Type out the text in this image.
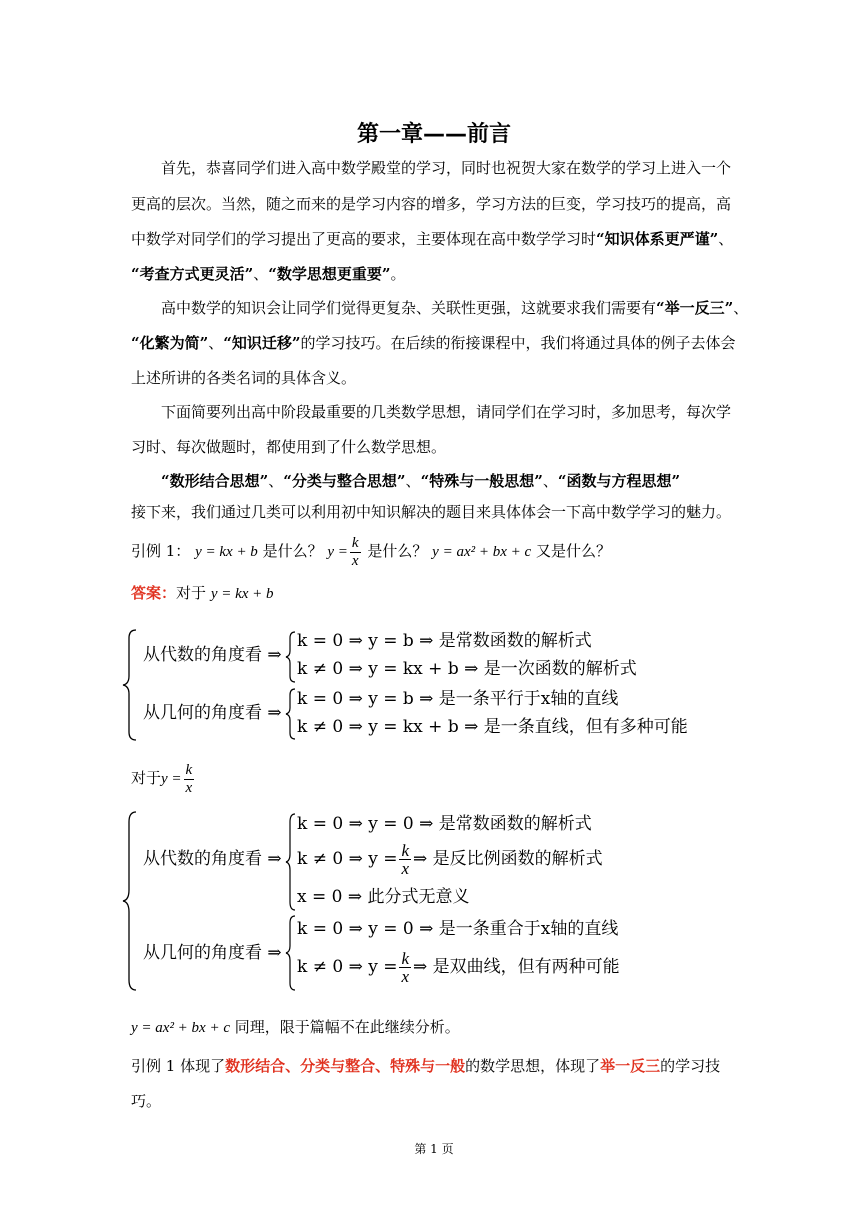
第一章——前言
首先，恭喜同学们进入高中数学殿堂的学习，同时也祝贺大家在数学的学习上进入一个
更高的层次。当然，随之而来的是学习内容的增多，学习方法的巨变，学习技巧的提高，高
中数学对同学们的学习提出了更高的要求，主要体现在高中数学学习时“知识体系更严谨”、
“考查方式更灵活”、“数学思想更重要”。
高中数学的知识会让同学们觉得更复杂、关联性更强，这就要求我们需要有“举一反三”、
“化繁为简”、“知识迁移”的学习技巧。在后续的衔接课程中，我们将通过具体的例子去体会
上述所讲的各类名词的具体含义。
下面简要列出高中阶段最重要的几类数学思想，请同学们在学习时，多加思考，每次学
习时、每次做题时，都使用到了什么数学思想。
“数形结合思想”、“分类与整合思想”、“特殊与一般思想”、“函数与方程思想”
接下来，我们通过几类可以利用初中知识解决的题目来具体体会一下高中数学学习的魅力。
引例 1： y = kx + b 是什么？ $y = \frac{k}{x}$ 是什么？ y = ax² + bx + c 又是什么？
答案：对于 y = kx + b
从代数的角度看 ⇒
k = 0 ⇒ y = b ⇒ 是常数函数的解析式
k ≠ 0 ⇒ y = kx + b ⇒ 是一次函数的解析式
从几何的角度看 ⇒
k = 0 ⇒ y = b ⇒ 是一条平行于x轴的直线
k ≠ 0 ⇒ y = kx + b ⇒ 是一条直线，但有多种可能
对于$y = \frac{k}{x}$
从代数的角度看 ⇒
k = 0 ⇒ y = 0 ⇒ 是常数函数的解析式
k ≠ 0 ⇒ $y = \frac{k}{x}$ ⇒ 是反比例函数的解析式
x = 0 ⇒ 此分式无意义
从几何的角度看 ⇒
k = 0 ⇒ y = 0 ⇒ 是一条重合于x轴的直线
k ≠ 0 ⇒ $y = \frac{k}{x}$ ⇒ 是双曲线，但有两种可能
y = ax² + bx + c 同理，限于篇幅不在此继续分析。
引例 1 体现了数形结合、分类与整合、特殊与一般的数学思想，体现了举一反三的学习技
巧。
第 1 页
